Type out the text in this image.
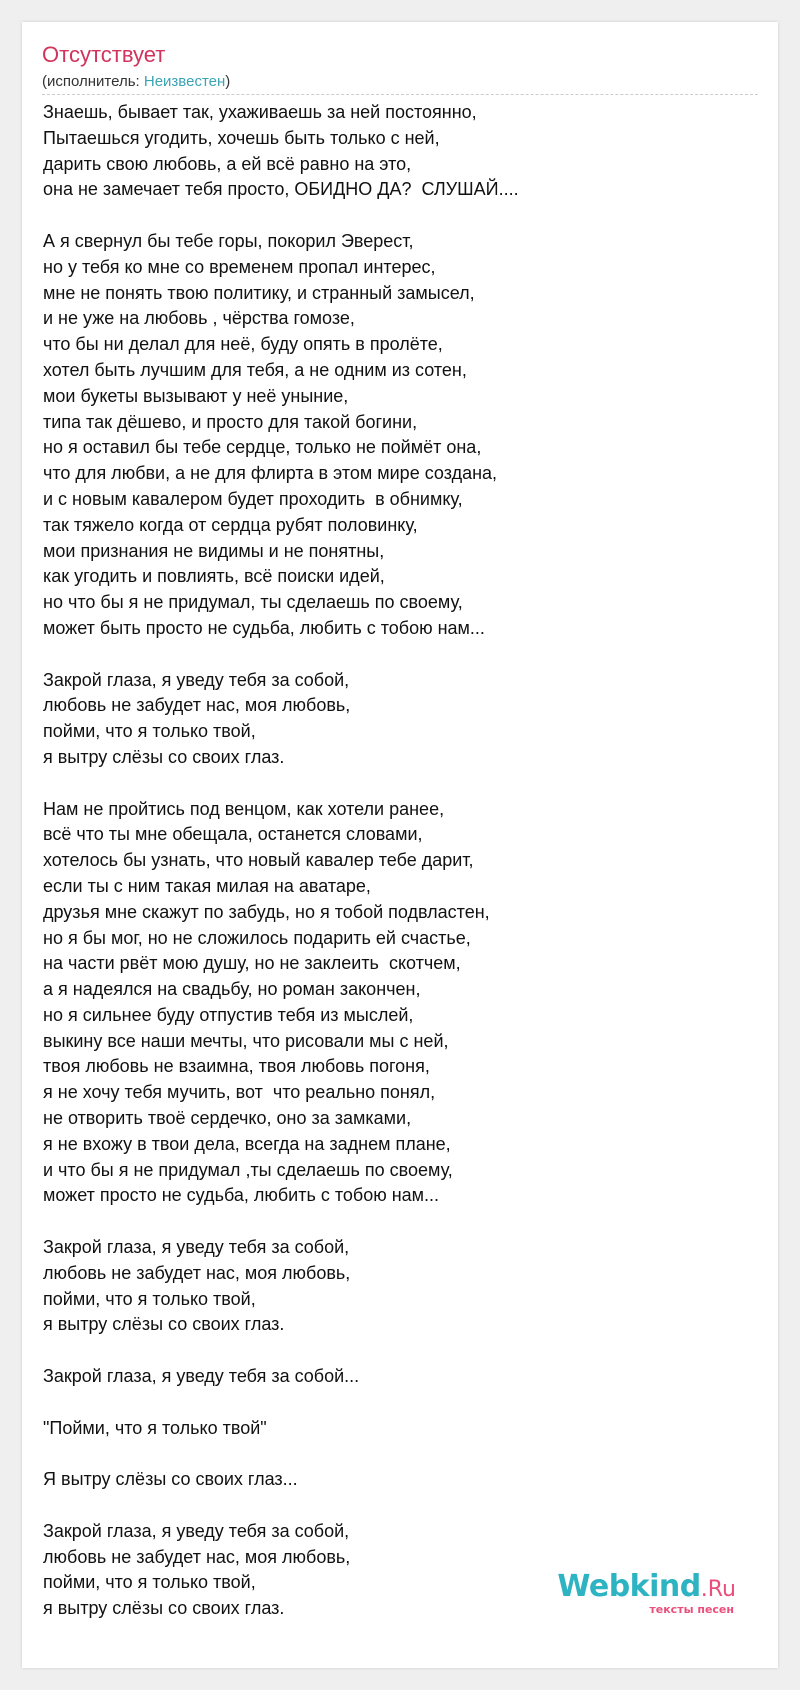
Отсутствует
(исполнитель: Неизвестен)
Знаешь, бывает так, ухаживаешь за ней постоянно,
Пытаешься угодить, хочешь быть только с ней,
дарить свою любовь, а ей всё равно на это,
она не замечает тебя просто, ОБИДНО ДА?  СЛУШАЙ....
А я свернул бы тебе горы, покорил Эверест,
но у тебя ко мне со временем пропал интерес,
мне не понять твою политику, и странный замысел,
и не уже на любовь , чёрства гомозе,
что бы ни делал для неё, буду опять в пролёте,
хотел быть лучшим для тебя, а не одним из сотен,
мои букеты вызывают у неё уныние,
типа так дёшево, и просто для такой богини,
но я оставил бы тебе сердце, только не поймёт она,
что для любви, а не для флирта в этом мире создана,
и с новым кавалером будет проходить  в обнимку,
так тяжело когда от сердца рубят половинку,
мои признания не видимы и не понятны,
как угодить и повлиять, всё поиски идей,
но что бы я не придумал, ты сделаешь по своему,
может быть просто не судьба, любить с тобою нам...
Закрой глаза, я уведу тебя за собой,
любовь не забудет нас, моя любовь,
пойми, что я только твой,
я вытру слёзы со своих глаз.
Нам не пройтись под венцом, как хотели ранее,
всё что ты мне обещала, останется словами,
хотелось бы узнать, что новый кавалер тебе дарит,
если ты с ним такая милая на аватаре,
друзья мне скажут по забудь, но я тобой подвластен,
но я бы мог, но не сложилось подарить ей счастье,
на части рвёт мою душу, но не заклеить  скотчем,
а я надеялся на свадьбу, но роман закончен,
но я сильнее буду отпустив тебя из мыслей,
выкину все наши мечты, что рисовали мы с ней,
твоя любовь не взаимна, твоя любовь погоня,
я не хочу тебя мучить, вот  что реально понял,
не отворить твоё сердечко, оно за замками,
я не вхожу в твои дела, всегда на заднем плане,
и что бы я не придумал ,ты сделаешь по своему,
может просто не судьба, любить с тобою нам...
Закрой глаза, я уведу тебя за собой,
любовь не забудет нас, моя любовь,
пойми, что я только твой,
я вытру слёзы со своих глаз.
Закрой глаза, я уведу тебя за собой...
"Пойми, что я только твой"
Я вытру слёзы со своих глаз...
Закрой глаза, я уведу тебя за собой,
любовь не забудет нас, моя любовь,
пойми, что я только твой,
я вытру слёзы со своих глаз.
Webkind.Ru
тексты песен
